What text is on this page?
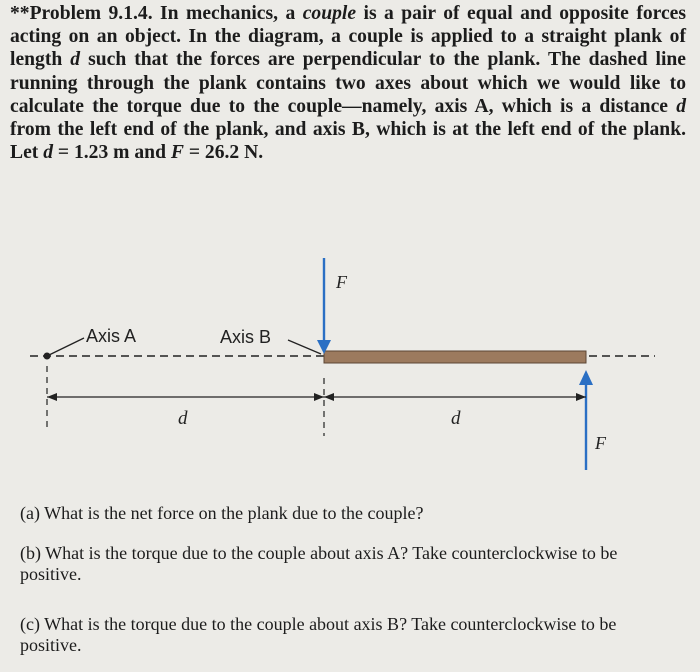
**Problem 9.1.4. In mechanics, a couple is a pair of equal and opposite forces acting on an object. In the diagram, a couple is applied to a straight plank of length d such that the forces are perpendicular to the plank. The dashed line running through the plank contains two axes about which we would like to calculate the torque due to the couple—namely, axis A, which is a distance d from the left end of the plank, and axis B, which is at the left end of the plank. Let d = 1.23 m and F = 26.2 N.
Axis A	Axis B
F
F
d	d
(a) What is the net force on the plank due to the couple?
(b) What is the torque due to the couple about axis A? Take counterclockwise to be positive.
(c) What is the torque due to the couple about axis B? Take counterclockwise to be positive.
